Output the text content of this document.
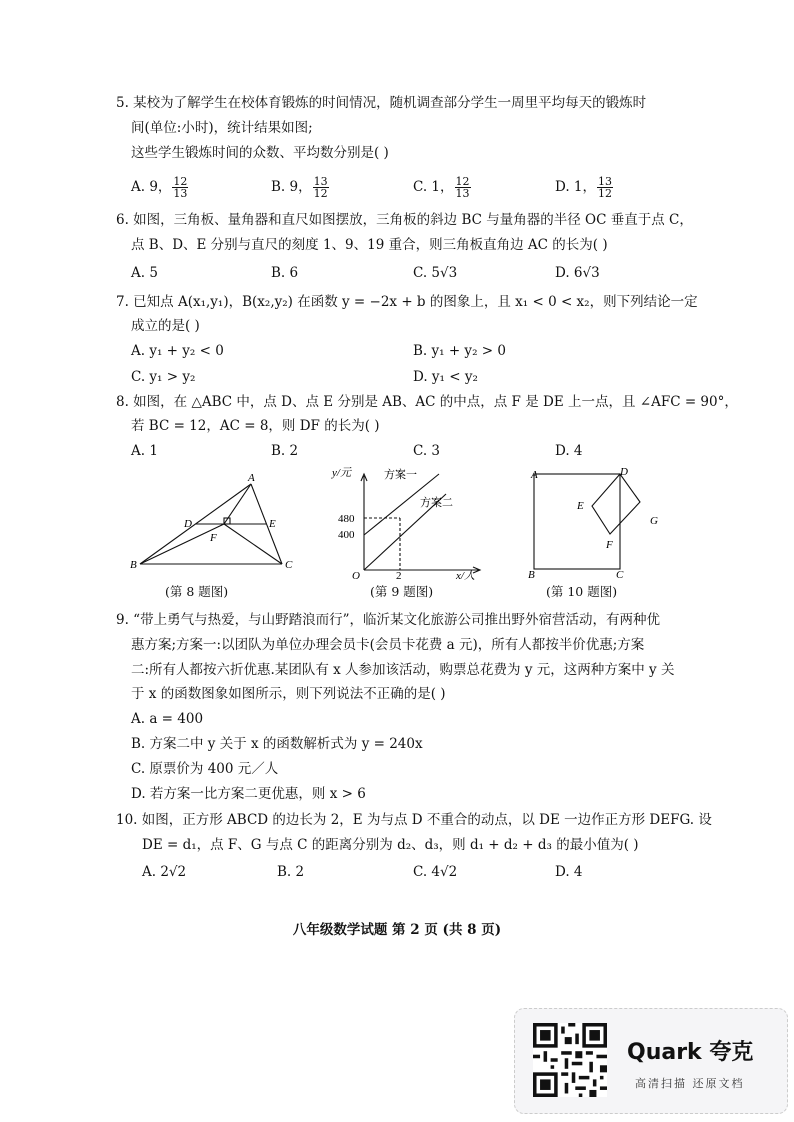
5. 某校为了解学生在校体育锻炼的时间情况，随机调查部分学生一周里平均每天的锻炼时
间(单位:小时)，统计结果如图;
这些学生锻炼时间的众数、平均数分别是( )
A. 9， $\frac{12}{13}$	B. 9， $\frac{13}{12}$	C. 1， $\frac{12}{13}$	D. 1， $\frac{13}{12}$
6. 如图，三角板、量角器和直尺如图摆放，三角板的斜边 BC 与量角器的半径 OC 垂直于点 C，
点 B、D、E 分别与直尺的刻度 1、9、19 重合，则三角板直角边 AC 的长为( )
A. 5	B. 6	C. 5√3	D. 6√3
7. 已知点 A(x₁,y₁)，B(x₂,y₂) 在函数 y = −2x + b 的图象上，且 x₁ < 0 < x₂，则下列结论一定
成立的是( )
A. y₁ + y₂ < 0	B. y₁ + y₂ > 0
C. y₁ > y₂	D. y₁ < y₂
8. 如图，在 △ABC 中，点 D、点 E 分别是 AB、AC 的中点，点 F 是 DE 上一点，且 ∠AFC = 90°，
若 BC = 12，AC = 8，则 DF 的长为( )
A. 1	B. 2	C. 3	D. 4
A
B	C
D	E
F
(第 8 题图)
y/元	方案一
方案二
480
400
O	2	x/人
(第 9 题图)
A	D
E
F
G
B	C
(第 10 题图)
9. “带上勇气与热爱，与山野踏浪而行”，临沂某文化旅游公司推出野外宿营活动，有两种优
惠方案;方案一:以团队为单位办理会员卡(会员卡花费 a 元)，所有人都按半价优惠;方案
二:所有人都按六折优惠.某团队有 x 人参加该活动，购票总花费为 y 元，这两种方案中 y 关
于 x 的函数图象如图所示，则下列说法不正确的是( )
A. a = 400
B. 方案二中 y 关于 x 的函数解析式为 y = 240x
C. 原票价为 400 元／人
D. 若方案一比方案二更优惠，则 x > 6
10. 如图，正方形 ABCD 的边长为 2，E 为与点 D 不重合的动点，以 DE 一边作正方形 DEFG. 设
DE = d₁，点 F、G 与点 C 的距离分别为 d₂、d₃，则 d₁ + d₂ + d₃ 的最小值为( )
A. 2√2	B. 2	C. 4√2	D. 4
八年级数学试题 第 2 页 (共 8 页)
Quark 夸克
高清扫描 还原文档
